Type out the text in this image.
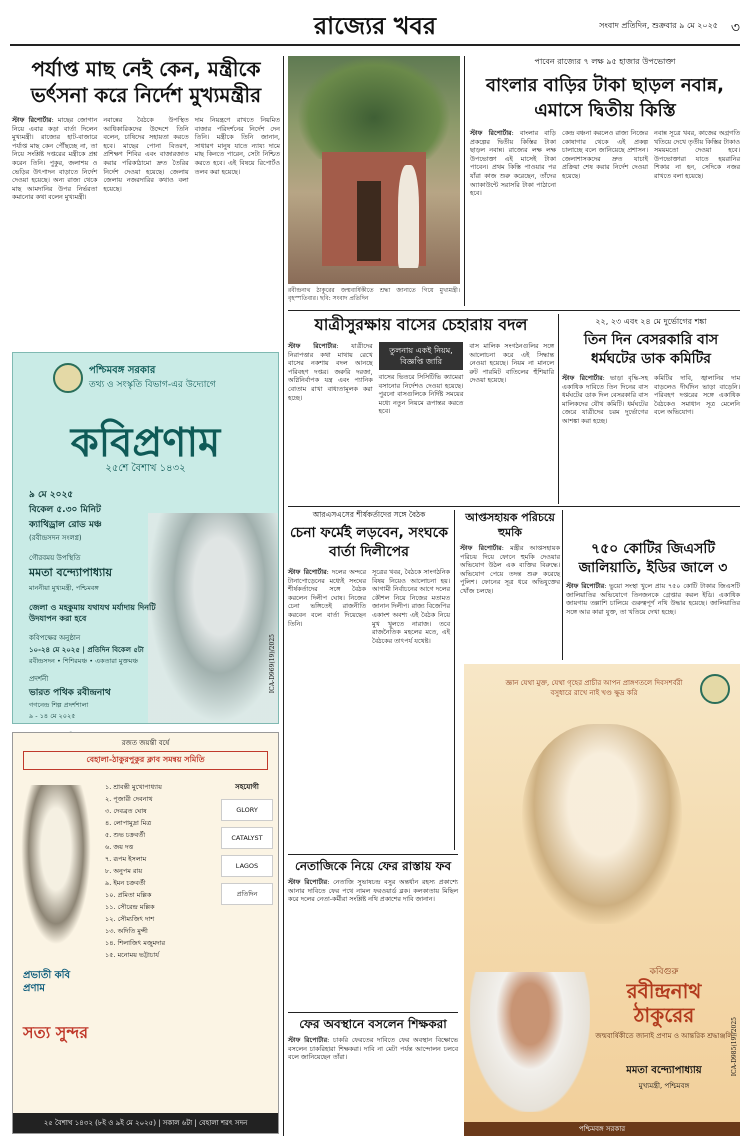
রাজ্যের খবর	সংবাদ প্রতিদিন, শুক্রবার ৯ মে ২০২৫ ৩
পর্যাপ্ত মাছ নেই কেন, মন্ত্রীকে ভর্ৎসনা করে নির্দেশ মুখ্যমন্ত্রীর
স্টাফ রিপোর্টার: মাছের জোগান নিয়ে এবার কড়া বার্তা দিলেন মুখ্যমন্ত্রী। রাজ্যের হাট-বাজারে পর্যাপ্ত মাছ কেন পৌঁছচ্ছে না, তা নিয়ে সংশ্লিষ্ট দপ্তরের মন্ত্রীকে প্রশ্ন করেন তিনি। পুকুর, জলাশয় ও ভেড়ির উৎপাদন বাড়াতে নির্দেশ দেওয়া হয়েছে। অন্য রাজ্য থেকে মাছ আমদানির উপর নির্ভরতা কমানোর কথা বলেন মুখ্যমন্ত্রী।
নবান্নের বৈঠকে উপস্থিত আধিকারিকদের উদ্দেশে তিনি বলেন, চাষিদের সহায়তা করতে হবে। মাছের পোনা বিতরণ, প্রশিক্ষণ শিবির এবং বাজারজাত করার পরিকাঠামো দ্রুত তৈরির নির্দেশ দেওয়া হয়েছে। জেলায় জেলায় নজরদারির কথাও বলা হয়েছে।
দাম নিয়ন্ত্রণে রাখতে নিয়মিত বাজার পরিদর্শনের নির্দেশ দেন তিনি। মন্ত্রীকে তিনি জানান, সাধারণ মানুষ যাতে ন্যায্য দামে মাছ কিনতে পারেন, সেটা নিশ্চিত করতে হবে। এই বিষয়ে রিপোর্টও তলব করা হয়েছে।
রবীন্দ্রনাথ ঠাকুরের জন্মবার্ষিকীতে শ্রদ্ধা জানাতে গিয়ে মুখ্যমন্ত্রী। বৃহস্পতিবার। ছবি: সংবাদ প্রতিদিন
পাবেন রাজ্যের ৭ লক্ষ ৯৫ হাজার উপভোক্তা
বাংলার বাড়ির টাকা ছাড়ল নবান্ন, এমাসে দ্বিতীয় কিস্তি
স্টাফ রিপোর্টার: বাংলার বাড়ি প্রকল্পের দ্বিতীয় কিস্তির টাকা ছাড়ল নবান্ন। রাজ্যের লক্ষ লক্ষ উপভোক্তা এই মাসেই টাকা পাবেন। প্রথম কিস্তি পাওয়ার পর যাঁরা কাজ শুরু করেছেন, তাঁদের অ্যাকাউন্টে সরাসরি টাকা পাঠানো হবে।
কেন্দ্র বঞ্চনা করলেও রাজ্য নিজের কোষাগার থেকে এই প্রকল্প চালাচ্ছে বলে জানিয়েছে প্রশাসন। জেলাশাসকদের দ্রুত যাচাই প্রক্রিয়া শেষ করার নির্দেশ দেওয়া হয়েছে।
নবান্ন সূত্রে খবর, কাজের অগ্রগতি খতিয়ে দেখে তৃতীয় কিস্তির টাকাও সময়মতো দেওয়া হবে। উপভোক্তারা যাতে হয়রানির শিকার না হন, সেদিকে নজর রাখতে বলা হয়েছে।
যাত্রীসুরক্ষায় বাসের চেহারায় বদল
স্টাফ রিপোর্টার: যাত্রীদের নিরাপত্তার কথা মাথায় রেখে বাসের নকশায় বদল আনছে পরিবহণ দপ্তর। জরুরি দরজা, অগ্নিনির্বাপক যন্ত্র এবং প্যানিক বোতাম রাখা বাধ্যতামূলক করা হচ্ছে।
তুলনায় একই নিয়ম, বিজ্ঞপ্তি জারি
বাসের ভিতরে সিসিটিভি ক্যামেরা বসানোর নির্দেশও দেওয়া হয়েছে। পুরনো বাসগুলিকে নির্দিষ্ট সময়ের মধ্যে নতুন নিয়মে রূপান্তর করতে হবে।
বাস মালিক সংগঠনগুলির সঙ্গে আলোচনা করে এই সিদ্ধান্ত নেওয়া হয়েছে। নিয়ম না মানলে রুট পারমিট বাতিলের হুঁশিয়ারি দেওয়া হয়েছে।
২২, ২৩ এবং ২৪ মে দুর্ভোগের শঙ্কা
তিন দিন বেসরকারি বাস ধর্মঘটের ডাক কমিটির
স্টাফ রিপোর্টার: ভাড়া বৃদ্ধি-সহ একাধিক দাবিতে তিন দিনের বাস ধর্মঘটের ডাক দিল বেসরকারি বাস মালিকদের যৌথ কমিটি। ধর্মঘটের জেরে যাত্রীদের চরম দুর্ভোগের আশঙ্কা করা হচ্ছে।
কমিটির দাবি, জ্বালানির দাম বাড়লেও দীর্ঘদিন ভাড়া বাড়েনি। পরিবহণ দপ্তরের সঙ্গে একাধিক বৈঠকেও সমাধান সূত্র মেলেনি বলে অভিযোগ।
আরএসএসের শীর্ষকর্তাদের সঙ্গে বৈঠক
চেনা ফর্মেই লড়বেন, সংঘকে বার্তা দিলীপের
স্টাফ রিপোর্টার: দলের অন্দরে টানাপোড়েনের মধ্যেই সংঘের শীর্ষকর্তাদের সঙ্গে বৈঠক করলেন দিলীপ ঘোষ। নিজের চেনা ভঙ্গিতেই রাজনীতি করবেন বলে বার্তা দিয়েছেন তিনি।
সূত্রের খবর, বৈঠকে সাংগঠনিক বিষয় নিয়েও আলোচনা হয়। আগামী নির্বাচনের আগে দলের কৌশল নিয়ে নিজের মতামত জানান দিলীপ। রাজ্য বিজেপির একাংশ অবশ্য এই বৈঠক নিয়ে মুখ খুলতে নারাজ। তবে রাজনৈতিক মহলের মতে, এই বৈঠকের তাৎপর্য যথেষ্ট।
আপ্তসহায়ক পরিচয়ে হুমকি
স্টাফ রিপোর্টার: মন্ত্রীর আপ্তসহায়ক পরিচয় দিয়ে ফোনে হুমকি দেওয়ার অভিযোগ উঠল এক ব্যক্তির বিরুদ্ধে। অভিযোগ পেয়ে তদন্ত শুরু করেছে পুলিশ। ফোনের সূত্র ধরে অভিযুক্তের খোঁজ চলছে।
৭৫০ কোটির জিএসটি জালিয়াতি, ইডির জালে ৩
স্টাফ রিপোর্টার: ভুয়ো সংস্থা খুলে প্রায় ৭৫০ কোটি টাকার জিএসটি জালিয়াতির অভিযোগে তিনজনকে গ্রেপ্তার করল ইডি। একাধিক জায়গায় তল্লাশি চালিয়ে গুরুত্বপূর্ণ নথি উদ্ধার হয়েছে। জালিয়াতির সঙ্গে আর কারা যুক্ত, তা খতিয়ে দেখা হচ্ছে।
নেতাজিকে নিয়ে ফের রাস্তায় ফব
স্টাফ রিপোর্টার: নেতাজি সুভাষচন্দ্র বসুর অন্তর্ধান রহস্য প্রকাশ্যে আনার দাবিতে ফের পথে নামল ফরওয়ার্ড ব্লক। কলকাতায় মিছিল করে দলের নেতা-কর্মীরা সংশ্লিষ্ট নথি প্রকাশের দাবি জানান।
ফের অবস্থানে বসলেন শিক্ষকরা
স্টাফ রিপোর্টার: চাকরি ফেরতের দাবিতে ফের অবস্থান বিক্ষোভে বসলেন চাকরিহারা শিক্ষকরা। দাবি না মেটা পর্যন্ত আন্দোলন চলবে বলে জানিয়েছেন তাঁরা।
পশ্চিমবঙ্গ সরকার
তথ্য ও সংস্কৃতি বিভাগ-এর উদ্যোগে
কবিপ্রণাম
২৫শে বৈশাখ ১৪৩২
৯ মে ২০২৫
বিকেল ৫.৩০ মিনিট
ক্যাথিড্রাল রোড মঞ্চ
(রবীন্দ্রসদন সংলগ্ন)
গৌরবময় উপস্থিতি
মমতা বন্দ্যোপাধ্যায়
মাননীয়া মুখ্যমন্ত্রী, পশ্চিমবঙ্গ
জেলা ও মহকুমায় যথাযথ মর্যাদায় দিনটি উদযাপন করা হবে
কবিপক্ষের অনুষ্ঠান
১০-২৪ মে ২০২৫ | প্রতিদিন বিকেল ৫টা
রবীন্দ্রসদন • শিশিরমঞ্চ • একতারা মুক্তমঞ্চ
প্রদর্শনী
ভারত পথিক রবীন্দ্রনাথ
গগনেন্দ্র শিল্প প্রদর্শশালা
৯ - ১৪ মে ২০২৫
ICA-D969(19)/2025
রজত জয়ন্তী বর্ষে
বেহালা-ঠাকুরপুকুর ক্লাব সমন্বয় সমিতি
প্রভাতী কবি প্রণাম
সত্য সুন্দর
১. শ্রাবন্তী মুখোপাধ্যায়
২. পূজারী দেবনাথ
৩. দেবব্রত ঘোষ
৪. লোপামুদ্রা মিত্র
৫. শুভ চক্রবর্তী
৬. জয় দত্ত
৭. রূপম ইসলাম
৮. অনুপম রায়
৯. ইমন চক্রবর্তী
১০. প্রমিতা মল্লিক
১১. সৌরেন্দ্র মল্লিক
১২. সৌম্যজিৎ দাশ
১৩. অদিতি মুন্সী
১৪. শিলাজিৎ মজুমদার
১৫. মনোময় ভট্টাচার্য
সহযোগী
GLORY
CATALYST
LAGOS
প্রতিদিন
২৫ বৈশাখ ১৪৩২ (৮ই ও ৯ই মে ২০২৫) | সকাল ৬টা | বেহালা শরৎ সদন
জ্ঞান যেথা মুক্ত, যেথা গৃহের প্রাচীর আপন প্রাঙ্গণতলে দিবসশর্বরী বসুধারে রাখে নাই খণ্ড ক্ষুদ্র করি
কবিগুরু
রবীন্দ্রনাথ
ঠাকুরের
জন্মবার্ষিকীতে জানাই প্রণাম ও আন্তরিক শ্রদ্ধাঞ্জলি
মমতা বন্দ্যোপাধ্যায়
মুখ্যমন্ত্রী, পশ্চিমবঙ্গ
পশ্চিমবঙ্গ সরকার
ICA-D985(19)/2025
